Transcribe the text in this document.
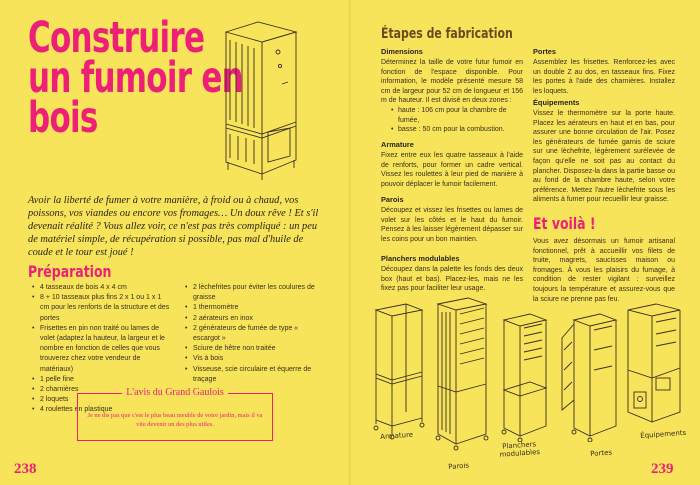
Construire un fumoir en bois

Avoir la liberté de fumer à votre manière, à froid ou à chaud, vos poissons, vos viandes ou encore vos fromages… Un doux rêve ! Et s'il devenait réalité ? Vous allez voir, ce n'est pas très compliqué : un peu de matériel simple, de récupération si possible, pas mal d'huile de coude et le tour est joué !

Préparation
• 4 tasseaux de bois 4 x 4 cm
• 8 + 10 tasseaux plus fins 2 x 1 ou 1 x 1 cm pour les renforts de la structure et des portes
• Frisettes en pin non traité ou lames de volet (adaptez la hauteur, la largeur et le nombre en fonction de celles que vous trouverez chez votre vendeur de matériaux)
• 1 pelle fine
• 2 charnières
• 2 loquets
• 4 roulettes en plastique
• 2 lèchefrites pour éviter les coulures de graisse
• 1 thermomètre
• 2 aérateurs en inox
• 2 générateurs de fumée de type « escargot »
• Sciure de hêtre non traitée
• Vis à bois
• Visseuse, scie circulaire et équerre de traçage
L'avis du Grand Gaulois
Je ne dis pas que c'est le plus beau meuble de votre jardin, mais il va vite devenir un des plus utiles.
238
Étapes de fabrication
Dimensions
Déterminez la taille de votre futur fumoir en fonction de l'espace disponible. Pour information, le modèle présenté mesure 58 cm de largeur pour 52 cm de longueur et 156 m de hauteur. Il est divisé en deux zones :
• haute : 106 cm pour la chambre de fumée,
• basse : 50 cm pour la combustion.
Armature
Fixez entre eux les quatre tasseaux à l'aide de renforts, pour former un cadre vertical. Vissez les roulettes à leur pied de manière à pouvoir déplacer le fumoir facilement.
Parois
Découpez et vissez les frisettes ou lames de volet sur les côtés et le haut du fumoir. Pensez à les laisser légèrement dépasser sur les coins pour un bon maintien.
Planchers modulables
Découpez dans la palette les fonds des deux box (haut et bas). Placez-les, mais ne les fixez pas pour faciliter leur usage.
Portes
Assemblez les frisettes. Renforcez-les avec un double Z au dos, en tasseaux fins. Fixez les portes à l'aide des charnières. Installez les loquets.
Équipements
Vissez le thermomètre sur la porte haute. Placez les aérateurs en haut et en bas, pour assurer une bonne circulation de l'air. Posez les générateurs de fumée garnis de sciure sur une lèchefrite, légèrement surélevée de façon qu'elle ne soit pas au contact du plancher. Disposez-la dans la partie basse ou au fond de la chambre haute, selon votre préférence. Mettez l'autre lèchefrite sous les aliments à fumer pour recueillir leur graisse.
Et voilà !
Vous avez désormais un fumoir artisanal fonctionnel, prêt à accueillir vos filets de truite, magrets, saucisses maison ou fromages. À vous les plaisirs du fumage, à condition de rester vigilant : surveillez toujours la température et assurez-vous que la sciure ne prenne pas feu.
Armature
Parois
Planchers modulables	Portes
Équipements
239
